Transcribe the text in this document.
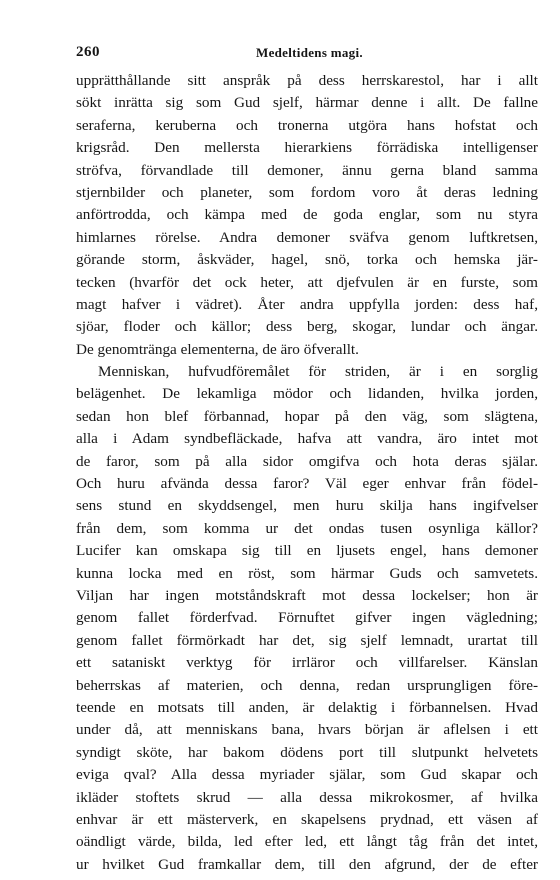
260	Medeltidens magi.
upprätthållande sitt anspråk på dess herrskarestol, har i allt
sökt inrätta sig som Gud sjelf, härmar denne i allt. De fallne
seraferna, keruberna och tronerna utgöra hans hofstat och
krigsråd. Den mellersta hierarkiens förrädiska intelligenser
ströfva, förvandlade till demoner, ännu gerna bland samma
stjernbilder och planeter, som fordom voro åt deras ledning
anförtrodda, och kämpa med de goda englar, som nu styra
himlarnes rörelse. Andra demoner sväfva genom luftkretsen,
görande storm, åskväder, hagel, snö, torka och hemska jär-
tecken (hvarför det ock heter, att djefvulen är en furste, som
magt hafver i vädret). Åter andra uppfylla jorden: dess haf,
sjöar, floder och källor; dess berg, skogar, lundar och ängar.
De genomtränga elementerna, de äro öfverallt.
Menniskan, hufvudföremålet för striden, är i en sorglig
belägenhet. De lekamliga mödor och lidanden, hvilka jorden,
sedan hon blef förbannad, hopar på den väg, som slägtena,
alla i Adam syndbefläckade, hafva att vandra, äro intet mot
de faror, som på alla sidor omgifva och hota deras själar.
Och huru afvända dessa faror? Väl eger enhvar från födel-
sens stund en skyddsengel, men huru skilja hans ingifvelser
från dem, som komma ur det ondas tusen osynliga källor?
Lucifer kan omskapa sig till en ljusets engel, hans demoner
kunna locka med en röst, som härmar Guds och samvetets.
Viljan har ingen motståndskraft mot dessa lockelser; hon är
genom fallet förderfvad. Förnuftet gifver ingen vägledning;
genom fallet förmörkadt har det, sig sjelf lemnadt, urartat till
ett sataniskt verktyg för irrläror och villfarelser. Känslan
beherrskas af materien, och denna, redan ursprungligen före-
teende en motsats till anden, är delaktig i förbannelsen. Hvad
under då, att menniskans bana, hvars början är aflelsen i ett
syndigt sköte, har bakom dödens port till slutpunkt helvetets
eviga qval? Alla dessa myriader själar, som Gud skapar och
ikläder stoftets skrud — alla dessa mikrokosmer, af hvilka
enhvar är ett mästerverk, en skapelsens prydnad, ett väsen af
oändligt värde, bilda, led efter led, ett långt tåg från det intet,
ur hvilket Gud framkallar dem, till den afgrund, der de efter
